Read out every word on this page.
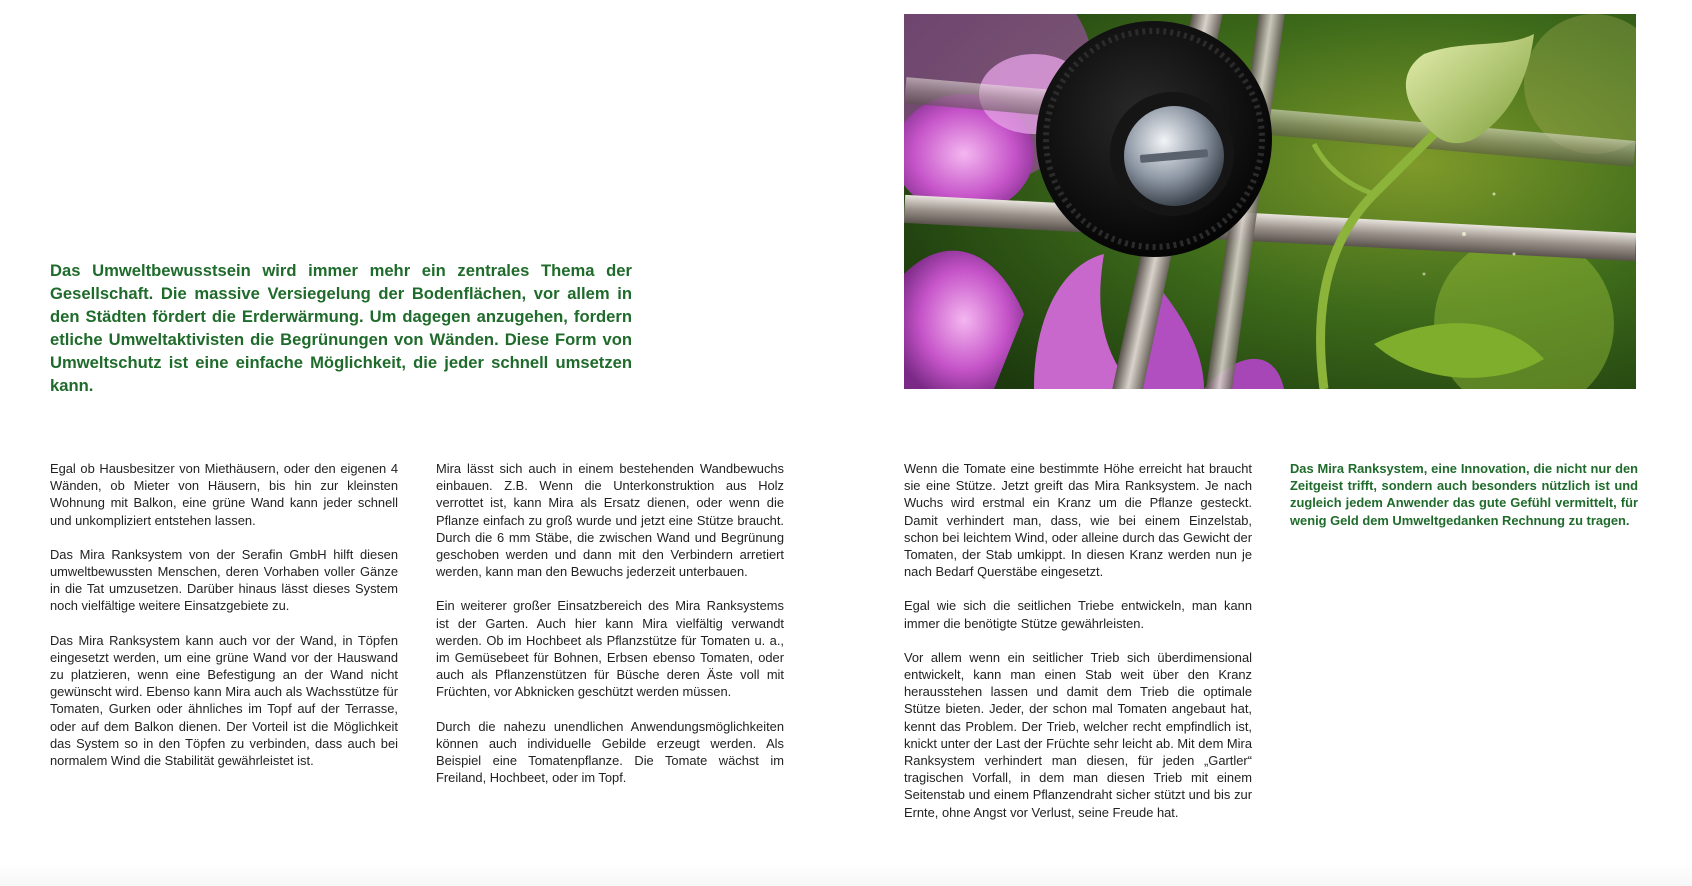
Das Umweltbewusstsein wird immer mehr ein zentrales Thema der Gesellschaft. Die massive Versiegelung der Bodenflächen, vor allem in den Städten fördert die Erderwärmung. Um dagegen anzugehen, fordern etliche Umweltaktivisten die Begrünungen von Wänden. Diese Form von Umweltschutz ist eine einfache Möglichkeit, die jeder schnell umsetzen kann.

Egal ob Hausbesitzer von Miethäusern, oder den eigenen 4 Wänden, ob Mieter von Häusern, bis hin zur kleinsten Wohnung mit Balkon, eine grüne Wand kann jeder schnell und unkompliziert entstehen lassen.

Das Mira Ranksystem von der Serafin GmbH hilft diesen umweltbewussten Menschen, deren Vorhaben voller Gänze in die Tat umzusetzen. Darüber hinaus lässt dieses System noch vielfältige weitere Einsatzgebiete zu.

Das Mira Ranksystem kann auch vor der Wand, in Töpfen eingesetzt werden, um eine grüne Wand vor der Hauswand zu platzieren, wenn eine Befestigung an der Wand nicht gewünscht wird. Ebenso kann Mira auch als Wachsstütze für Tomaten, Gurken oder ähnliches im Topf auf der Terrasse, oder auf dem Balkon dienen. Der Vorteil ist die Möglichkeit das System so in den Töpfen zu verbinden, dass auch bei normalem Wind die Stabilität gewährleistet ist.

Mira lässt sich auch in einem bestehenden Wandbewuchs einbauen. Z.B. Wenn die Unterkonstruktion aus Holz verrottet ist, kann Mira als Ersatz dienen, oder wenn die Pflanze einfach zu groß wurde und jetzt eine Stütze braucht. Durch die 6 mm Stäbe, die zwischen Wand und Begrünung geschoben werden und dann mit den Verbindern arretiert werden, kann man den Bewuchs jederzeit unterbauen.

Ein weiterer großer Einsatzbereich des Mira Ranksystems ist der Garten. Auch hier kann Mira vielfältig verwandt werden. Ob im Hochbeet als Pflanzstütze für Tomaten u. a., im Gemüsebeet für Bohnen, Erbsen ebenso Tomaten, oder auch als Pflanzenstützen für Büsche deren Äste voll mit Früchten, vor Abknicken geschützt werden müssen.

Durch die nahezu unendlichen Anwendungsmöglichkeiten können auch individuelle Gebilde erzeugt werden. Als Beispiel eine Tomatenpflanze. Die Tomate wächst im Freiland, Hochbeet, oder im Topf.

Wenn die Tomate eine bestimmte Höhe erreicht hat braucht sie eine Stütze. Jetzt greift das Mira Ranksystem. Je nach Wuchs wird erstmal ein Kranz um die Pflanze gesteckt. Damit verhindert man, dass, wie bei einem Einzelstab, schon bei leichtem Wind, oder alleine durch das Gewicht der Tomaten, der Stab umkippt. In diesen Kranz werden nun je nach Bedarf Querstäbe eingesetzt.

Egal wie sich die seitlichen Triebe entwickeln, man kann immer die benötigte Stütze gewährleisten.

Vor allem wenn ein seitlicher Trieb sich überdimensional entwickelt, kann man einen Stab weit über den Kranz herausstehen lassen und damit dem Trieb die optimale Stütze bieten. Jeder, der schon mal Tomaten angebaut hat, kennt das Problem. Der Trieb, welcher recht empfindlich ist, knickt unter der Last der Früchte sehr leicht ab. Mit dem Mira Ranksystem verhindert man diesen, für jeden „Gartler“ tragischen Vorfall, in dem man diesen Trieb mit einem Seitenstab und einem Pflanzendraht sicher stützt und bis zur Ernte, ohne Angst vor Verlust, seine Freude hat.

Das Mira Ranksystem, eine Innovation, die nicht nur den Zeitgeist trifft, sondern auch besonders nützlich ist und zugleich jedem Anwender das gute Gefühl vermittelt, für wenig Geld dem Umweltgedanken Rechnung zu tragen.
